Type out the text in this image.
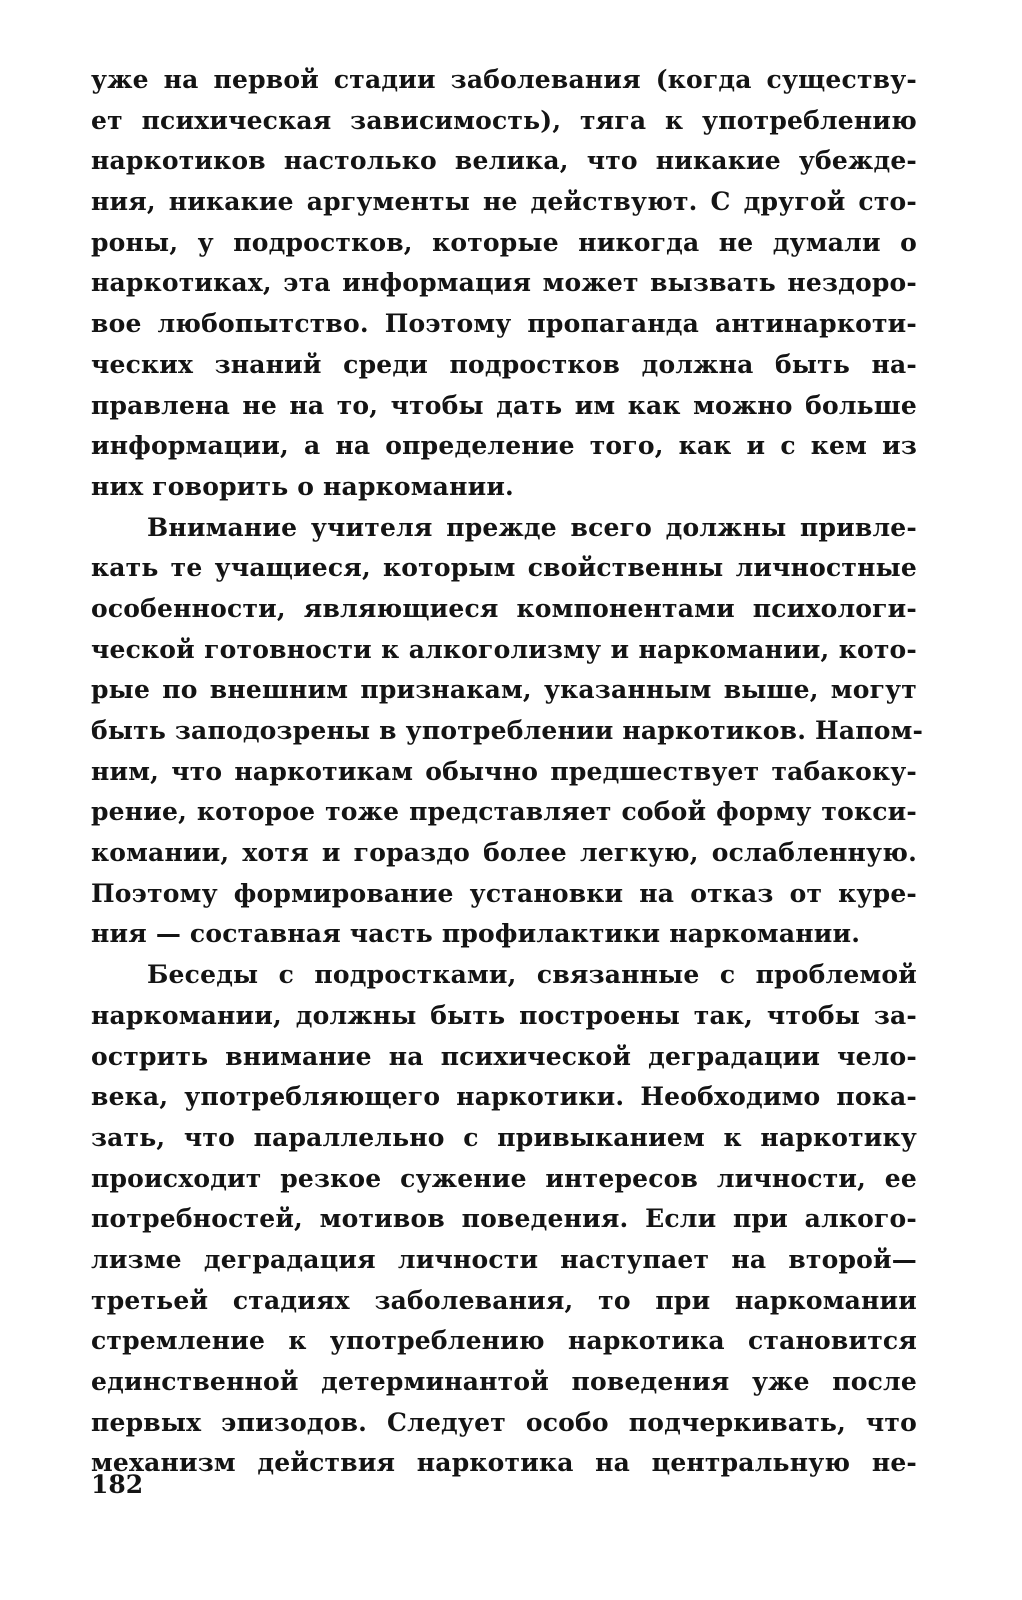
уже на первой стадии заболевания (когда существу-
ет психическая зависимость), тяга к употреблению
наркотиков настолько велика, что никакие убежде-
ния, никакие аргументы не действуют. С другой сто-
роны, у подростков, которые никогда не думали о
наркотиках, эта информация может вызвать нездоро-
вое любопытство. Поэтому пропаганда антинаркоти-
ческих знаний среди подростков должна быть на-
правлена не на то, чтобы дать им как можно больше
информации, а на определение того, как и с кем из
них говорить о наркомании.
Внимание учителя прежде всего должны привле-
кать те учащиеся, которым свойственны личностные
особенности, являющиеся компонентами психологи-
ческой готовности к алкоголизму и наркомании, кото-
рые по внешним признакам, указанным выше, могут
быть заподозрены в употреблении наркотиков. Напом-
ним, что наркотикам обычно предшествует табакоку-
рение, которое тоже представляет собой форму токси-
комании, хотя и гораздо более легкую, ослабленную.
Поэтому формирование установки на отказ от куре-
ния — составная часть профилактики наркомании.
Беседы с подростками, связанные с проблемой
наркомании, должны быть построены так, чтобы за-
острить внимание на психической деградации чело-
века, употребляющего наркотики. Необходимо пока-
зать, что параллельно с привыканием к наркотику
происходит резкое сужение интересов личности, ее
потребностей, мотивов поведения. Если при алкого-
лизме деградация личности наступает на второй—
третьей стадиях заболевания, то при наркомании
стремление к употреблению наркотика становится
единственной детерминантой поведения уже после
первых эпизодов. Следует особо подчеркивать, что
механизм действия наркотика на центральную не-
182
